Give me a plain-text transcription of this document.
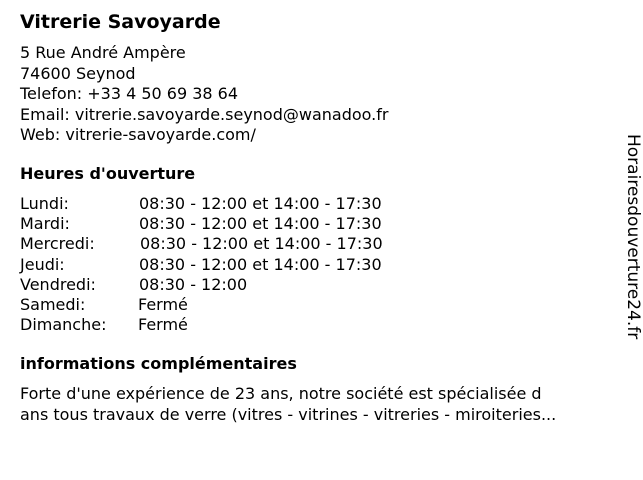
Vitrerie Savoyarde
5 Rue André Ampère
74600 Seynod
Telefon: +33 4 50 69 38 64
Email: vitrerie.savoyarde.seynod@wanadoo.fr
Web: vitrerie-savoyarde.com/
Heures d'ouverture
Lundi:	08:30 - 12:00 et 14:00 - 17:30
Mardi:	08:30 - 12:00 et 14:00 - 17:30
Mercredi:	08:30 - 12:00 et 14:00 - 17:30
Jeudi:	08:30 - 12:00 et 14:00 - 17:30
Vendredi:	08:30 - 12:00
Samedi:	Fermé
Dimanche: Fermé
informations complémentaires
Forte d'une expérience de 23 ans, notre société est spécialisée d
ans tous travaux de verre (vitres - vitrines - vitreries - miroiteries...
Horairesdouverture24.fr
